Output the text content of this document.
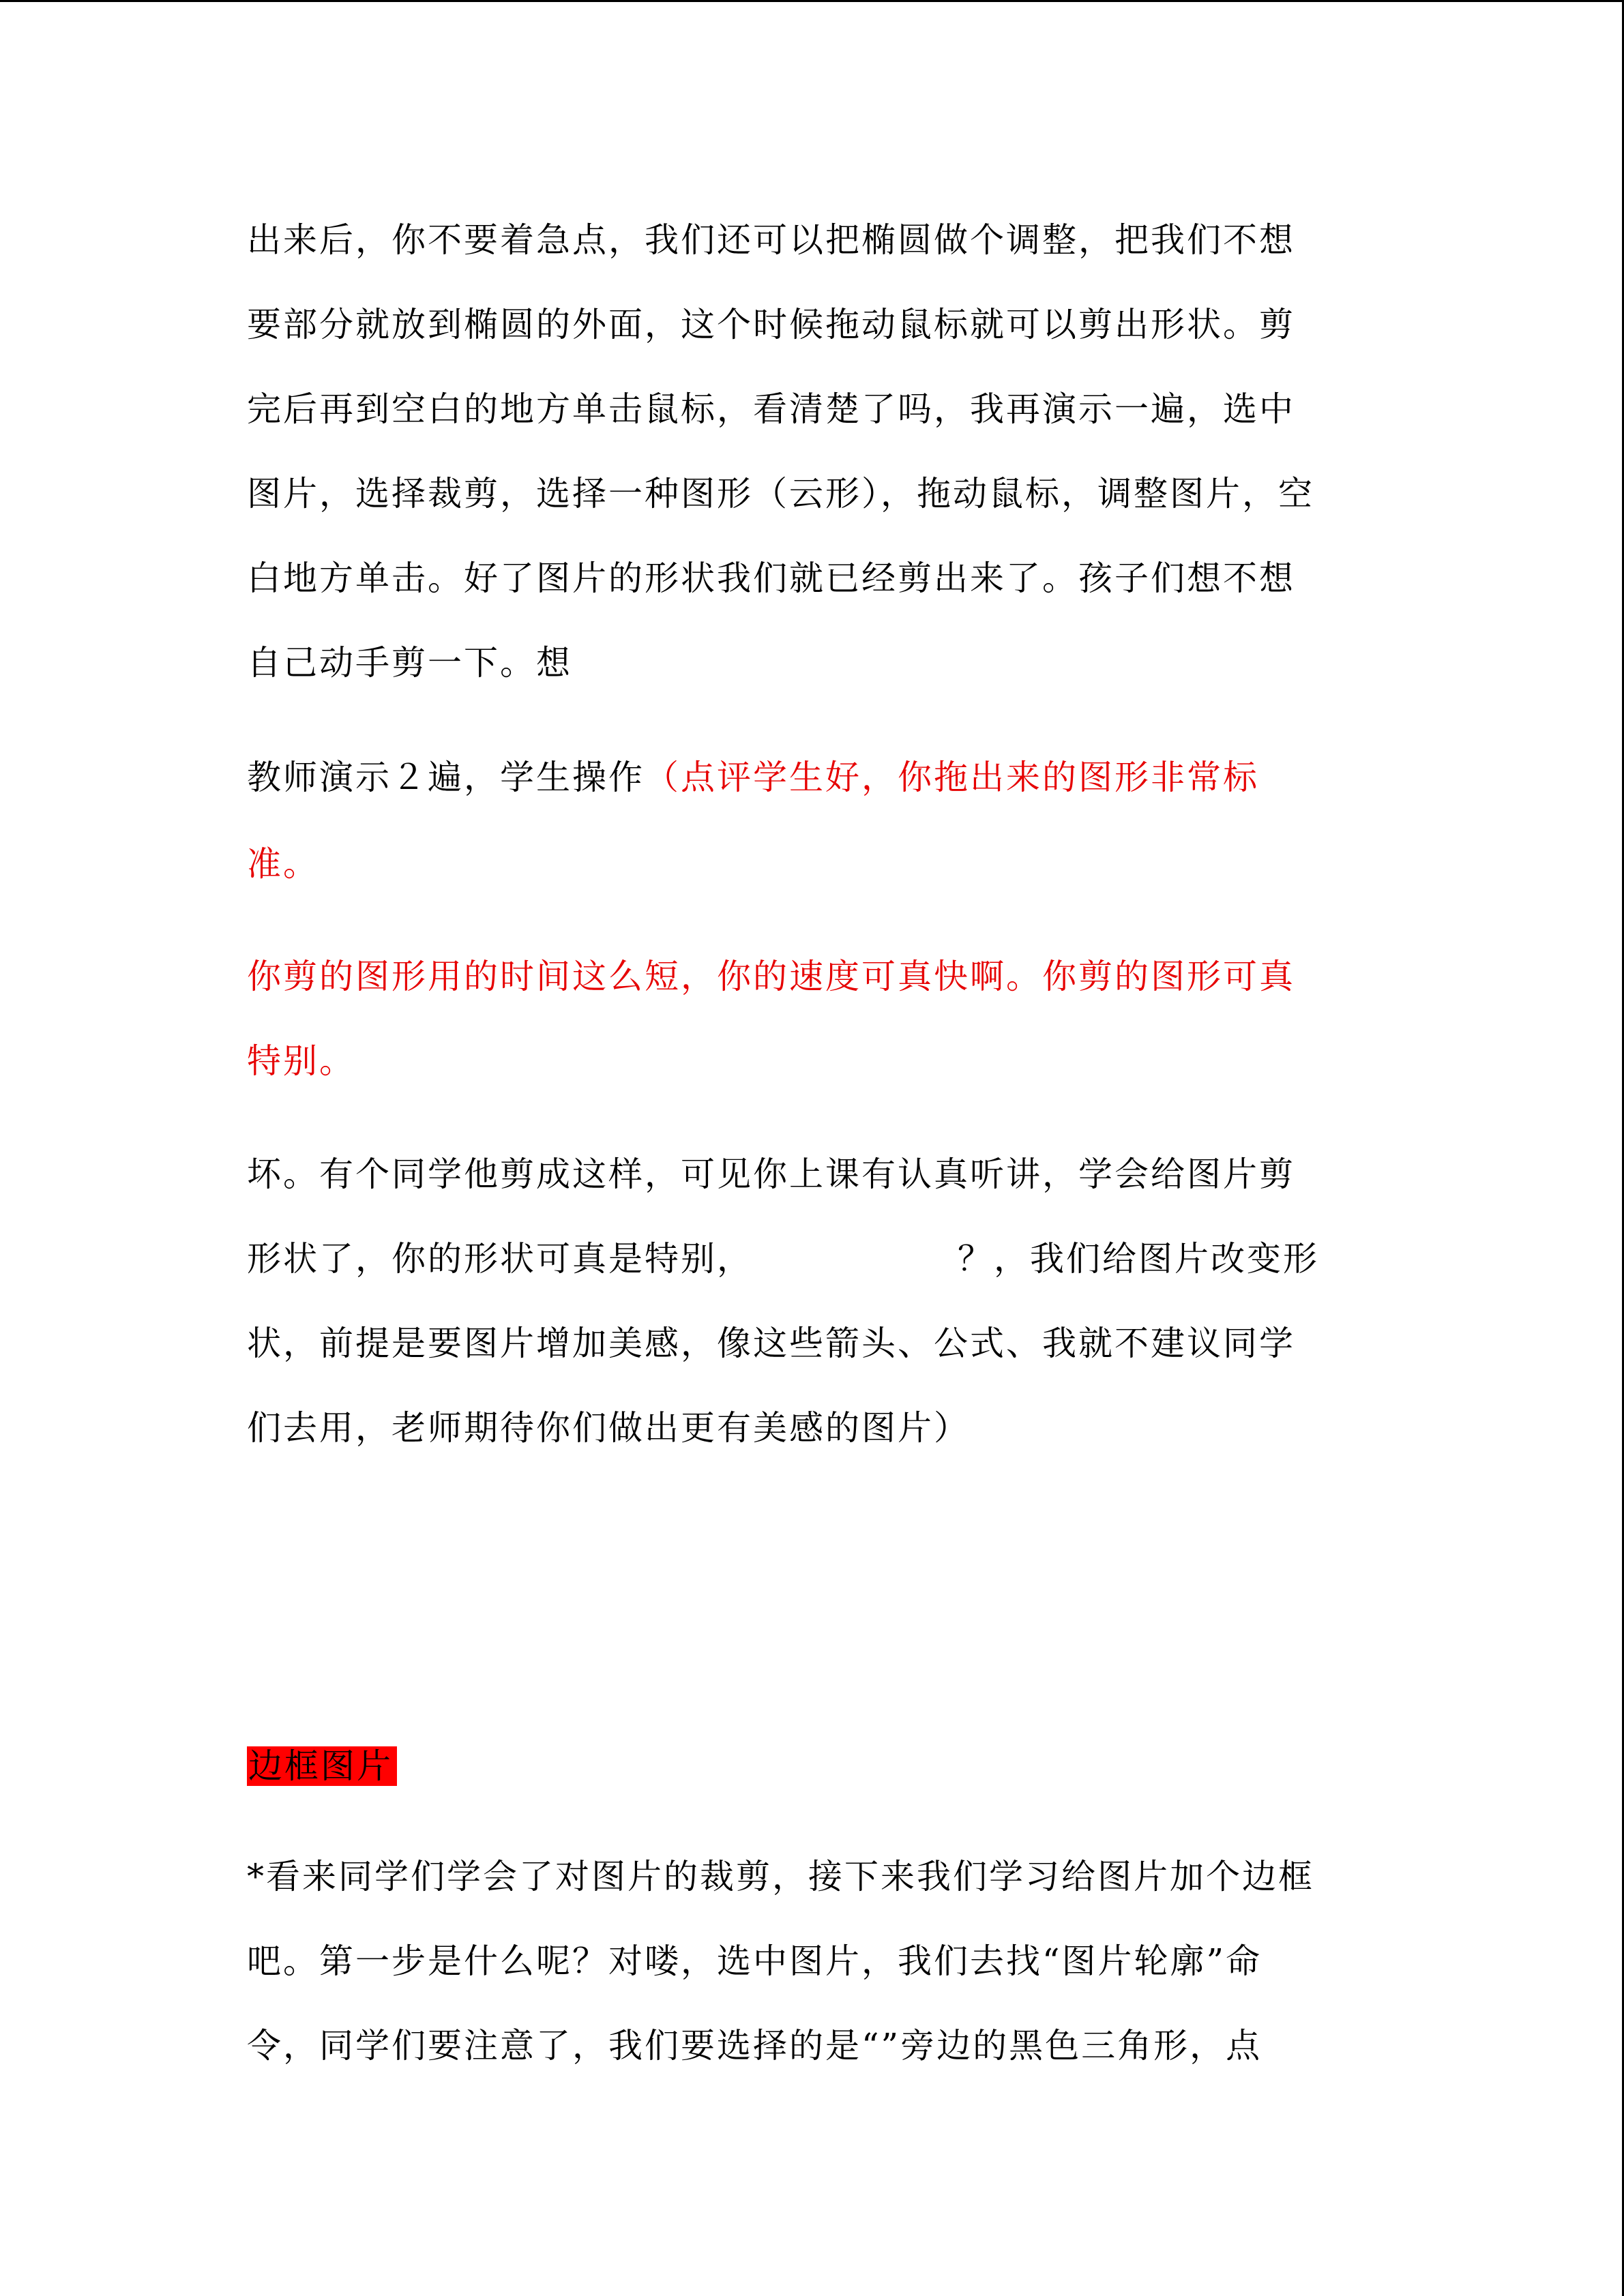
出来后，你不要着急点，我们还可以把椭圆做个调整，把我们不想
要部分就放到椭圆的外面，这个时候拖动鼠标就可以剪出形状。剪
完后再到空白的地方单击鼠标，看清楚了吗，我再演示一遍，选中
图片，选择裁剪，选择一种图形（云形），拖动鼠标，调整图片，空
白地方单击。好了图片的形状我们就已经剪出来了。孩子们想不想
自己动手剪一下。想
教师演示２遍，学生操作（点评学生好，你拖出来的图形非常标
准。
你剪的图形用的时间这么短，你的速度可真快啊。你剪的图形可真
特别。
坏。有个同学他剪成这样，可见你上课有认真听讲，学会给图片剪
形状了，你的形状可真是特别，	？，我们给图片改变形
状，前提是要图片增加美感，像这些箭头、公式、我就不建议同学
们去用，老师期待你们做出更有美感的图片）
边框图片
*看来同学们学会了对图片的裁剪，接下来我们学习给图片加个边框
吧。第一步是什么呢？对喽，选中图片，我们去找“图片轮廓”命
令，同学们要注意了，我们要选择的是“”旁边的黑色三角形，点
